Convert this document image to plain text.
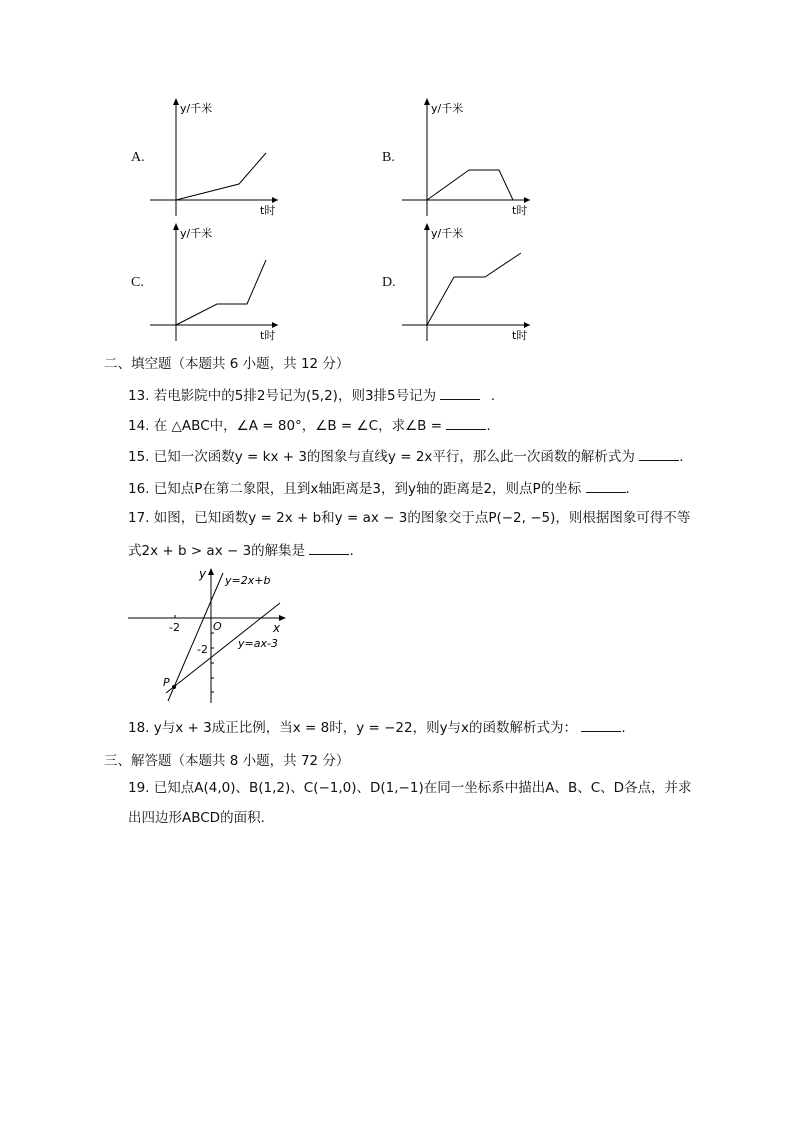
A.
y/千米
t时
B.
y/千米
t时
C.
y/千米
t时
D.
y/千米
t时
二、填空题（本题共 6 小题，共 12 分）
13. 若电影院中的5排2号记为(5,2)，则3排5号记为	.
14. 在 △ABC中，∠A = 80°，∠B = ∠C，求∠B =	.
15. 已知一次函数y = kx + 3的图象与直线y = 2x平行，那么此一次函数的解析式为	.
16. 已知点P在第二象限，且到x轴距离是3，到y轴的距离是2，则点P的坐标	.
17. 如图，已知函数y = 2x + b和y = ax − 3的图象交于点P(−2, −5)，则根据图象可得不等
式2x + b > ax − 3的解集是	.
y
x
O
-2
-2
P
y=2x+b
y=ax-3
18. y与x + 3成正比例，当x = 8时，y = −22，则y与x的函数解析式为：	.
三、解答题（本题共 8 小题，共 72 分）
19. 已知点A(4,0)、B(1,2)、C(−1,0)、D(1,−1)在同一坐标系中描出A、B、C、D各点，并求
出四边形ABCD的面积．
